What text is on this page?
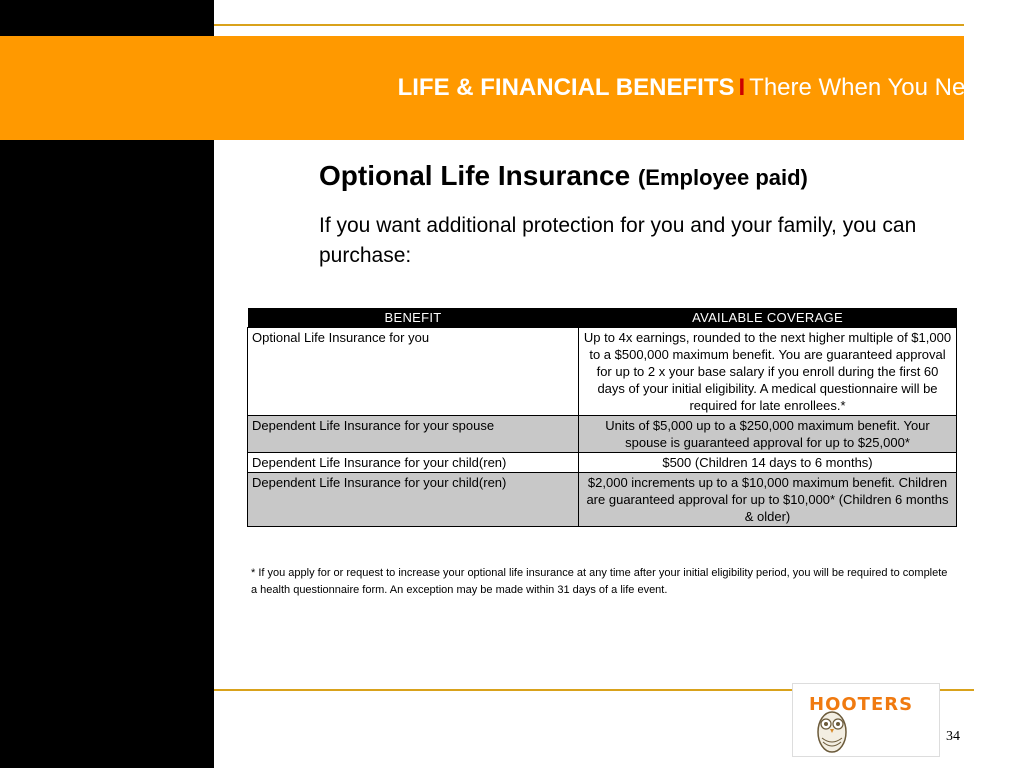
LIFE & FINANCIAL BENEFITS I There When You Need It
Optional Life Insurance (Employee paid)
If you want additional protection for you and your family, you can purchase:
BENEFIT	AVAILABLE COVERAGE
Optional Life Insurance for you	Up to 4x earnings, rounded to the next higher multiple of $1,000 to a $500,000 maximum benefit. You are guaranteed approval for up to 2 x your base salary if you enroll during the first 60 days of your initial eligibility. A medical questionnaire will be required for late enrollees.*
Dependent Life Insurance for your spouse	Units of $5,000 up to a $250,000 maximum benefit. Your spouse is guaranteed approval for up to $25,000*
Dependent Life Insurance for your child(ren)	$500 (Children 14 days to 6 months)
Dependent Life Insurance for your child(ren)	$2,000 increments up to a $10,000 maximum benefit. Children are guaranteed approval for up to $10,000* (Children 6 months & older)
* If you apply for or request to increase your optional life insurance at any time after your initial eligibility period, you will be required to complete a health questionnaire form. An exception may be made within 31 days of a life event.
HOOTERS
34
